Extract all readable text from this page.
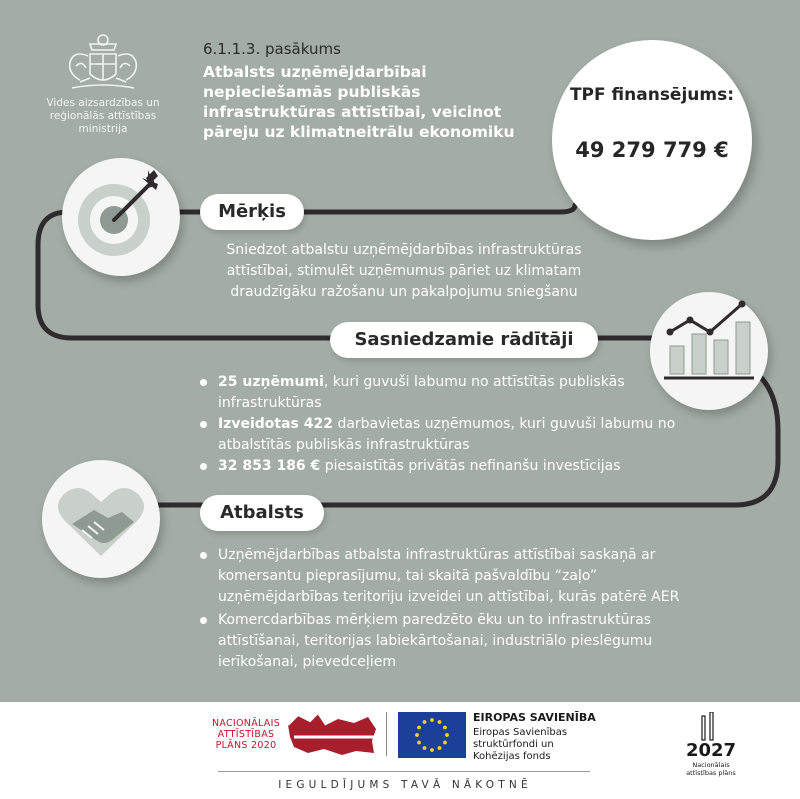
Vides aizsardzības un reģionālās attīstības ministrija
6.1.1.3. pasākums
Atbalsts uzņēmējdarbībai nepieciešamās publiskās infrastruktūras attīstībai, veicinot pāreju uz klimatneitrālu ekonomiku
TPF finansējums:
49 279 779 €
Mērķis
Sniedzot atbalstu uzņēmējdarbības infrastruktūras attīstībai, stimulēt uzņēmumus pāriet uz klimatam draudzīgāku ražošanu un pakalpojumu sniegšanu
Sasniedzamie rādītāji
25 uzņēmumi, kuri guvuši labumu no attīstītās publiskās infrastruktūras
Izveidotas 422 darbavietas uzņēmumos, kuri guvuši labumu no atbalstītās publiskās infrastruktūras
32 853 186 € piesaistītās privātās nefinanšu investīcijas
Atbalsts
Uzņēmējdarbības atbalsta infrastruktūras attīstībai saskaņā ar komersantu pieprasījumu, tai skaitā pašvaldību “zaļo” uzņēmējdarbības teritoriju izveidei un attīstībai, kurās patērē AER
Komercdarbības mērķiem paredzēto ēku un to infrastruktūras attīstīšanai, teritorijas labiekārtošanai, industriālo pieslēgumu ierīkošanai, pievedceļiem
NACIONĀLAIS
ATTĪSTĪBAS
PLĀNS 2020
EIROPAS SAVIENĪBA
Eiropas Savienības struktūrfondi un Kohēzijas fonds
IEGULDĪJUMS TAVĀ NĀKOTNĒ
2027
Nacionālais
attīstības plāns
